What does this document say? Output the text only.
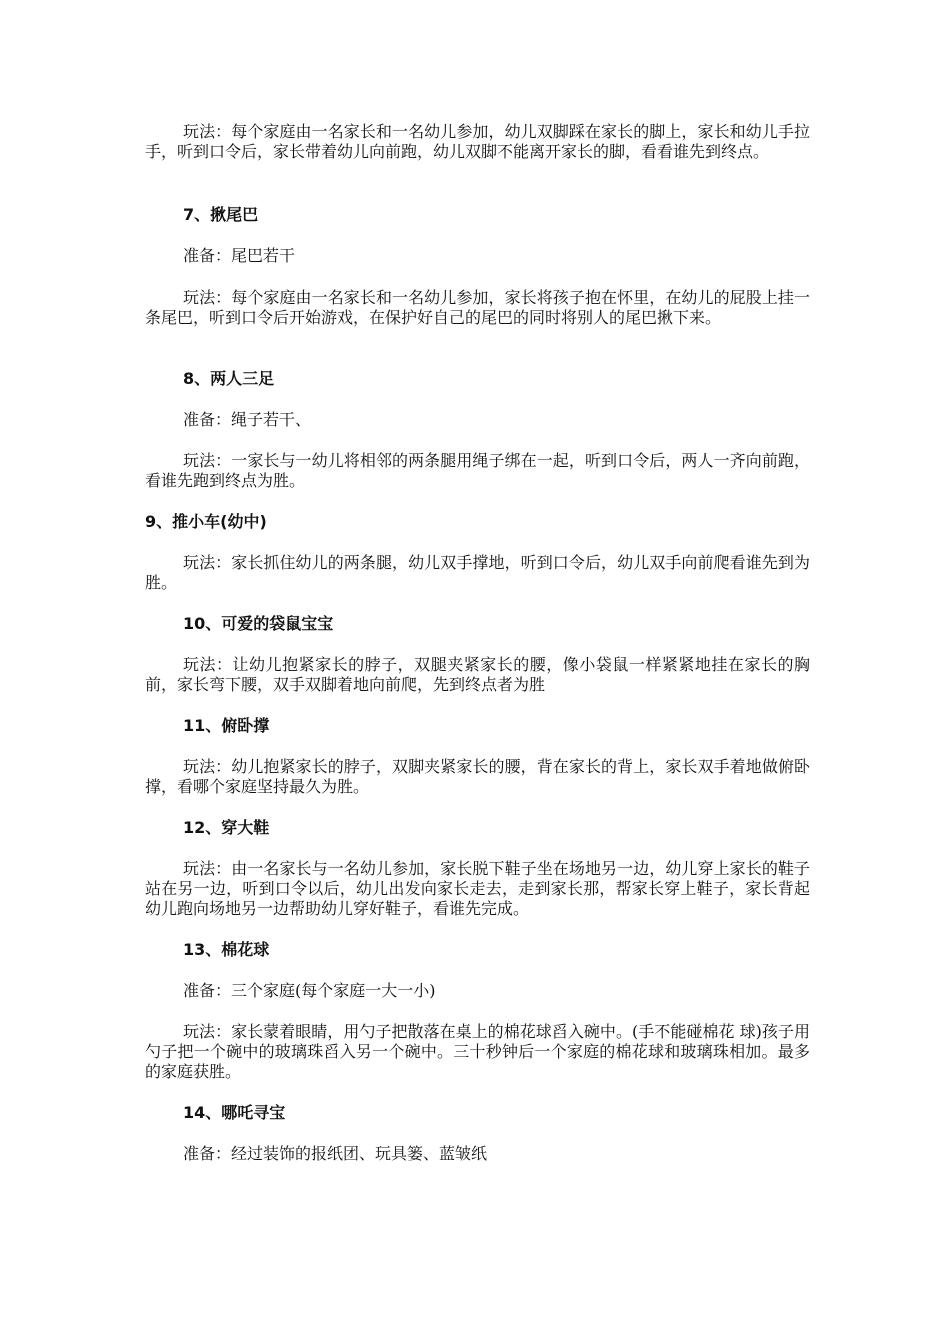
玩法：每个家庭由一名家长和一名幼儿参加，幼儿双脚踩在家长的脚上，家长和幼儿手拉手，听到口令后，家长带着幼儿向前跑，幼儿双脚不能离开家长的脚，看看谁先到终点。

7、揪尾巴

准备：尾巴若干

玩法：每个家庭由一名家长和一名幼儿参加，家长将孩子抱在怀里，在幼儿的屁股上挂一条尾巴，听到口令后开始游戏，在保护好自己的尾巴的同时将别人的尾巴揪下来。

8、两人三足

准备：绳子若干、

玩法：一家长与一幼儿将相邻的两条腿用绳子绑在一起，听到口令后，两人一齐向前跑，看谁先跑到终点为胜。

9、推小车(幼中)

玩法：家长抓住幼儿的两条腿，幼儿双手撑地，听到口令后，幼儿双手向前爬看谁先到为胜。

10、可爱的袋鼠宝宝

玩法：让幼儿抱紧家长的脖子，双腿夹紧家长的腰，像小袋鼠一样紧紧地挂在家长的胸前，家长弯下腰，双手双脚着地向前爬，先到终点者为胜

11、俯卧撑

玩法：幼儿抱紧家长的脖子，双脚夹紧家长的腰，背在家长的背上，家长双手着地做俯卧撑，看哪个家庭坚持最久为胜。

12、穿大鞋

玩法：由一名家长与一名幼儿参加，家长脱下鞋子坐在场地另一边，幼儿穿上家长的鞋子站在另一边，听到口令以后，幼儿出发向家长走去，走到家长那，帮家长穿上鞋子，家长背起幼儿跑向场地另一边帮助幼儿穿好鞋子，看谁先完成。

13、棉花球

准备：三个家庭(每个家庭一大一小)

玩法：家长蒙着眼睛，用勺子把散落在桌上的棉花球舀入碗中。(手不能碰棉花 球)孩子用勺子把一个碗中的玻璃珠舀入另一个碗中。三十秒钟后一个家庭的棉花球和玻璃珠相加。最多的家庭获胜。

14、哪吒寻宝

准备：经过装饰的报纸团、玩具篓、蓝皱纸
